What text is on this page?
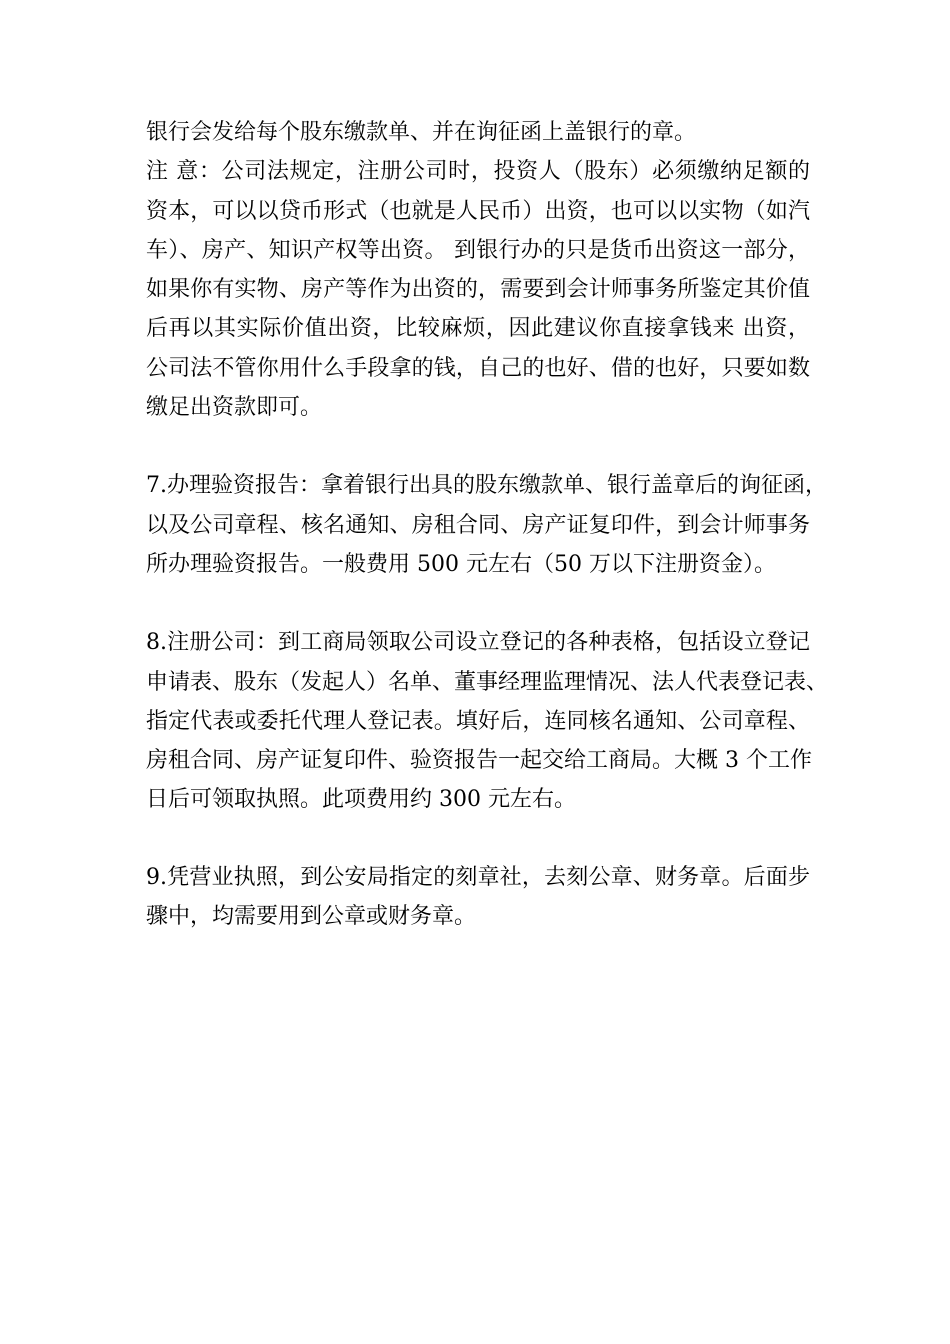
银行会发给每个股东缴款单、并在询征函上盖银行的章。

注 意：公司法规定，注册公司时，投资人（股东）必须缴纳足额的
资本，可以以贷币形式（也就是人民币）出资，也可以以实物（如汽
车）、房产、知识产权等出资。 到银行办的只是货币出资这一部分，
如果你有实物、房产等作为出资的，需要到会计师事务所鉴定其价值
后再以其实际价值出资，比较麻烦，因此建议你直接拿钱来 出资，
公司法不管你用什么手段拿的钱，自己的也好、借的也好，只要如数
缴足出资款即可。

7.办理验资报告：拿着银行出具的股东缴款单、银行盖章后的询征函，
以及公司章程、核名通知、房租合同、房产证复印件，到会计师事务
所办理验资报告。一般费用 500 元左右（50 万以下注册资金）。

8.注册公司：到工商局领取公司设立登记的各种表格，包括设立登记
申请表、股东（发起人）名单、董事经理监理情况、法人代表登记表、
指定代表或委托代理人登记表。填好后，连同核名通知、公司章程、
房租合同、房产证复印件、验资报告一起交给工商局。大概 3 个工作
日后可领取执照。此项费用约 300 元左右。

9.凭营业执照，到公安局指定的刻章社，去刻公章、财务章。后面步
骤中，均需要用到公章或财务章。
